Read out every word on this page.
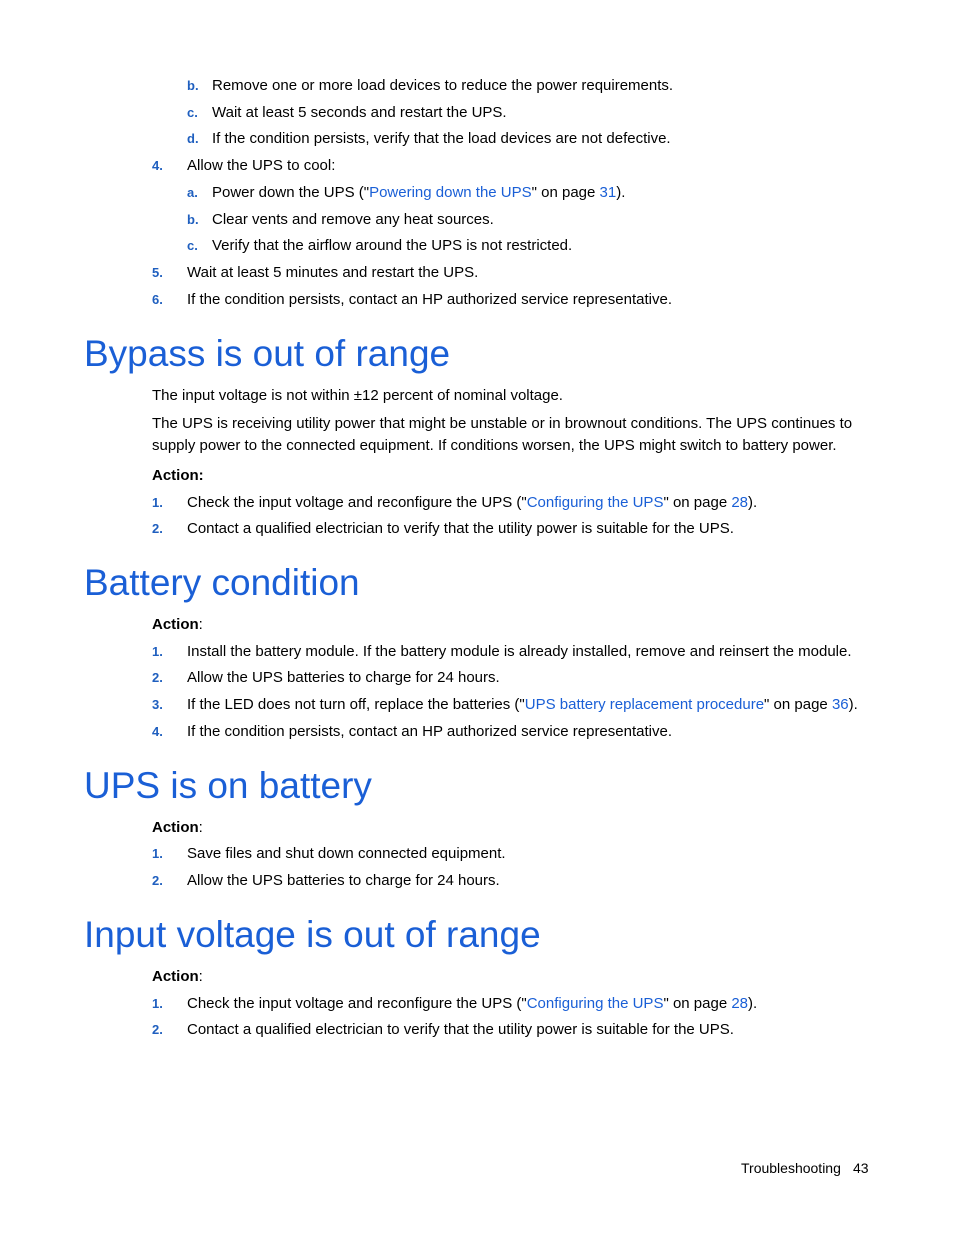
b. Remove one or more load devices to reduce the power requirements.
c. Wait at least 5 seconds and restart the UPS.
d. If the condition persists, verify that the load devices are not defective.
4. Allow the UPS to cool:
a. Power down the UPS ("Powering down the UPS" on page 31).
b. Clear vents and remove any heat sources.
c. Verify that the airflow around the UPS is not restricted.
5. Wait at least 5 minutes and restart the UPS.
6. If the condition persists, contact an HP authorized service representative.
Bypass is out of range
The input voltage is not within ±12 percent of nominal voltage.
The UPS is receiving utility power that might be unstable or in brownout conditions. The UPS continues to supply power to the connected equipment. If conditions worsen, the UPS might switch to battery power.
Action:
1. Check the input voltage and reconfigure the UPS ("Configuring the UPS" on page 28).
2. Contact a qualified electrician to verify that the utility power is suitable for the UPS.
Battery condition
Action:
1. Install the battery module. If the battery module is already installed, remove and reinsert the module.
2. Allow the UPS batteries to charge for 24 hours.
3. If the LED does not turn off, replace the batteries ("UPS battery replacement procedure" on page 36).
4. If the condition persists, contact an HP authorized service representative.
UPS is on battery
Action:
1. Save files and shut down connected equipment.
2. Allow the UPS batteries to charge for 24 hours.
Input voltage is out of range
Action:
1. Check the input voltage and reconfigure the UPS ("Configuring the UPS" on page 28).
2. Contact a qualified electrician to verify that the utility power is suitable for the UPS.
Troubleshooting 43
